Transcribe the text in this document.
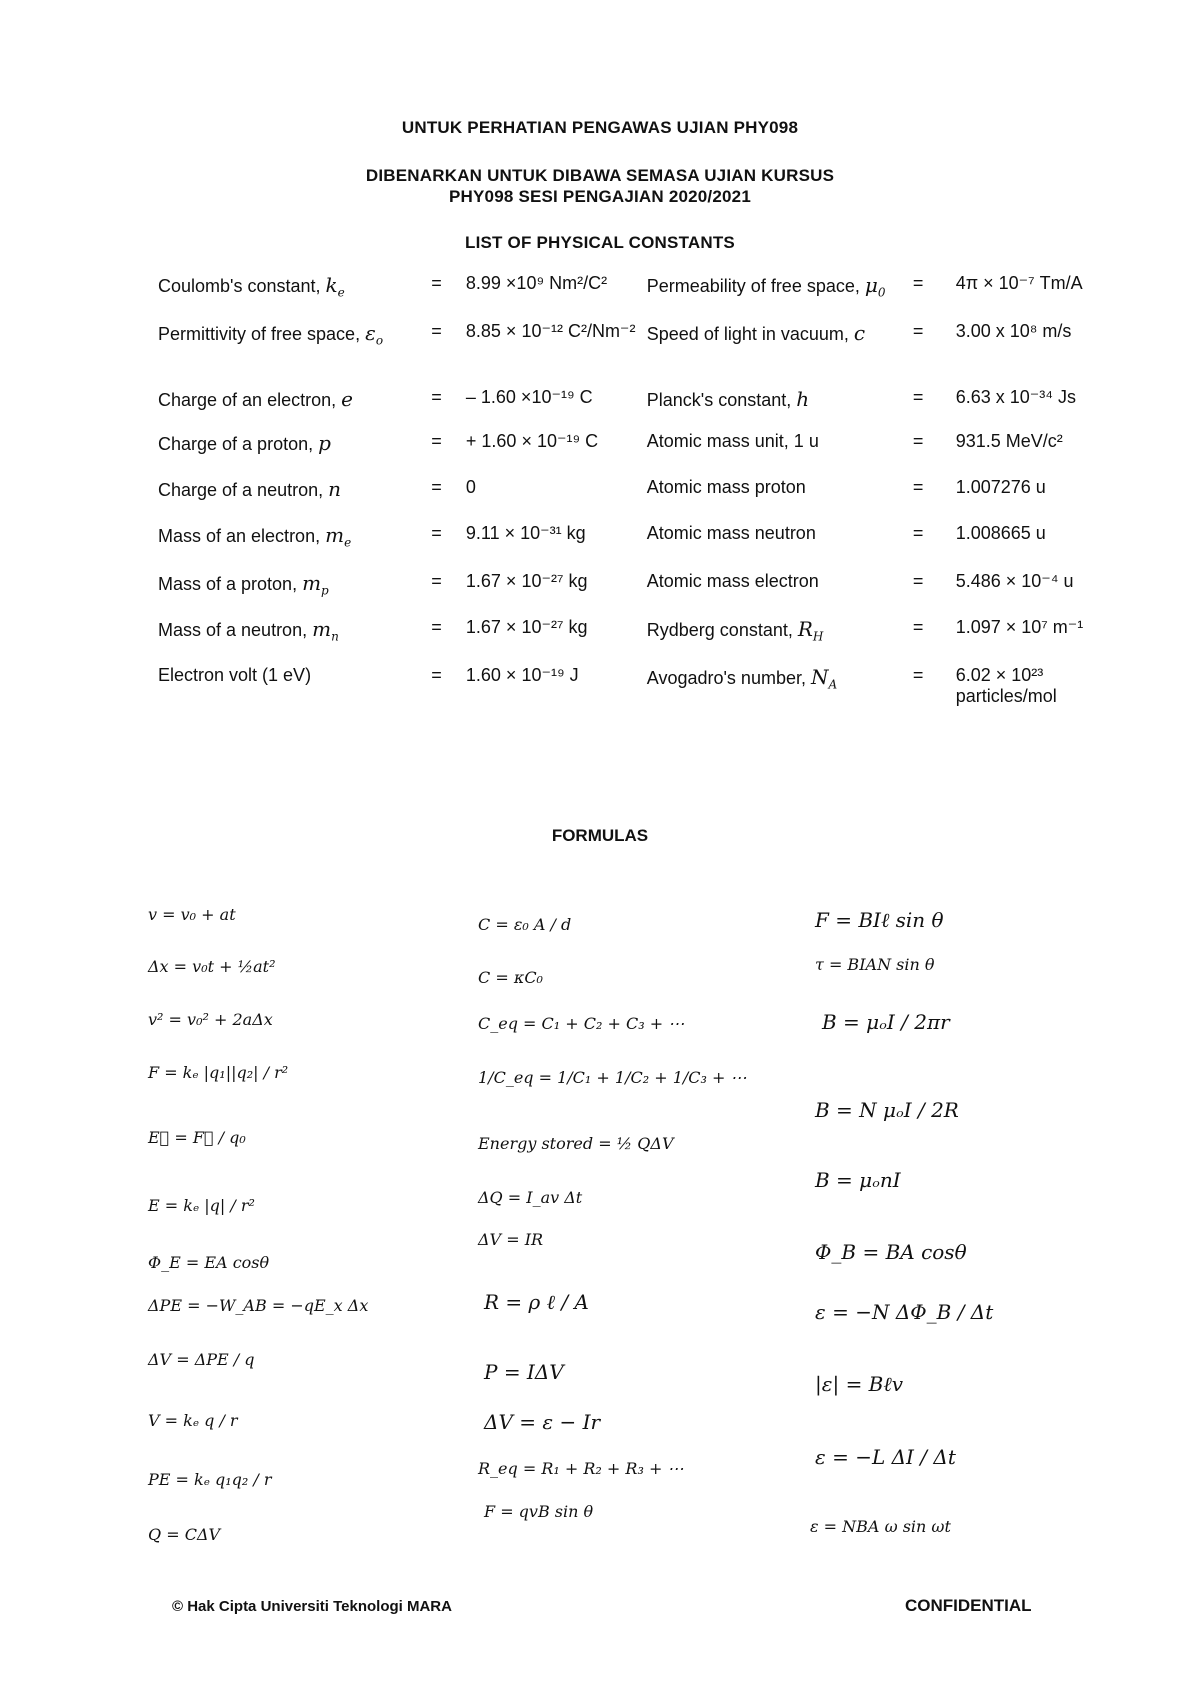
UNTUK PERHATIAN PENGAWAS UJIAN PHY098
DIBENARKAN UNTUK DIBAWA SEMASA UJIAN KURSUS
PHY098 SESI PENGAJIAN 2020/2021
LIST OF PHYSICAL CONSTANTS
Coulomb's constant, $k_e$	=	8.99 ×10⁹ Nm²/C²	Permeability of free space, $\mu_0$	=	4π × 10⁻⁷ Tm/A
Permittivity of free space, $\varepsilon_o$	=	8.85 × 10⁻¹² C²/Nm⁻²	Speed of light in vacuum, c	=	3.00 x 10⁸ m/s
Charge of an electron, e	=	– 1.60 ×10⁻¹⁹ C	Planck's constant, h	=	6.63 x 10⁻³⁴ Js
Charge of a proton, p	=	+ 1.60 × 10⁻¹⁹ C	Atomic mass unit, 1 u	=	931.5 MeV/c²
Charge of a neutron, n	=	0	Atomic mass proton	=	1.007276 u
Mass of an electron, $m_e$	=	9.11 × 10⁻³¹ kg	Atomic mass neutron	=	1.008665 u
Mass of a proton, $m_p$	=	1.67 × 10⁻²⁷ kg	Atomic mass electron	=	5.486 × 10⁻⁴ u
Mass of a neutron, $m_n$	=	1.67 × 10⁻²⁷ kg	Rydberg constant, $R_H$	=	1.097 × 10⁷ m⁻¹
Electron volt (1 eV)	=	1.60 × 10⁻¹⁹ J	Avogadro's number, $N_A$	=	6.02 × 10²³ particles/mol
FORMULAS
v = v₀ + at
Δx = v₀t + ½at²
v² = v₀² + 2aΔx
F = kₑ |q₁||q₂| / r²
E⃗ = F⃗ / q₀
E = kₑ |q| / r²
Φ_E = EA cosθ
ΔPE = −W_AB = −qE_x Δx
ΔV = ΔPE / q
V = kₑ q / r
PE = kₑ q₁q₂ / r
Q = CΔV
C = ε₀ A / d
C = κC₀
C_eq = C₁ + C₂ + C₃ + ⋯
1/C_eq = 1/C₁ + 1/C₂ + 1/C₃ + ⋯
Energy stored = ½ QΔV
ΔQ = I_av Δt
ΔV = IR
R = ρ ℓ / A
P = IΔV
ΔV = ε − Ir
R_eq = R₁ + R₂ + R₃ + ⋯
F = qvB sin θ
F = BIℓ sin θ
τ = BIAN sin θ
B = μₒI / 2πr
B = N μₒI / 2R
B = μₒnI
Φ_B = BA cosθ
ε = −N ΔΦ_B / Δt
|ε| = Bℓv
ε = −L ΔI / Δt
ε = NBA ω sin ωt
© Hak Cipta Universiti Teknologi MARA	CONFIDENTIAL
